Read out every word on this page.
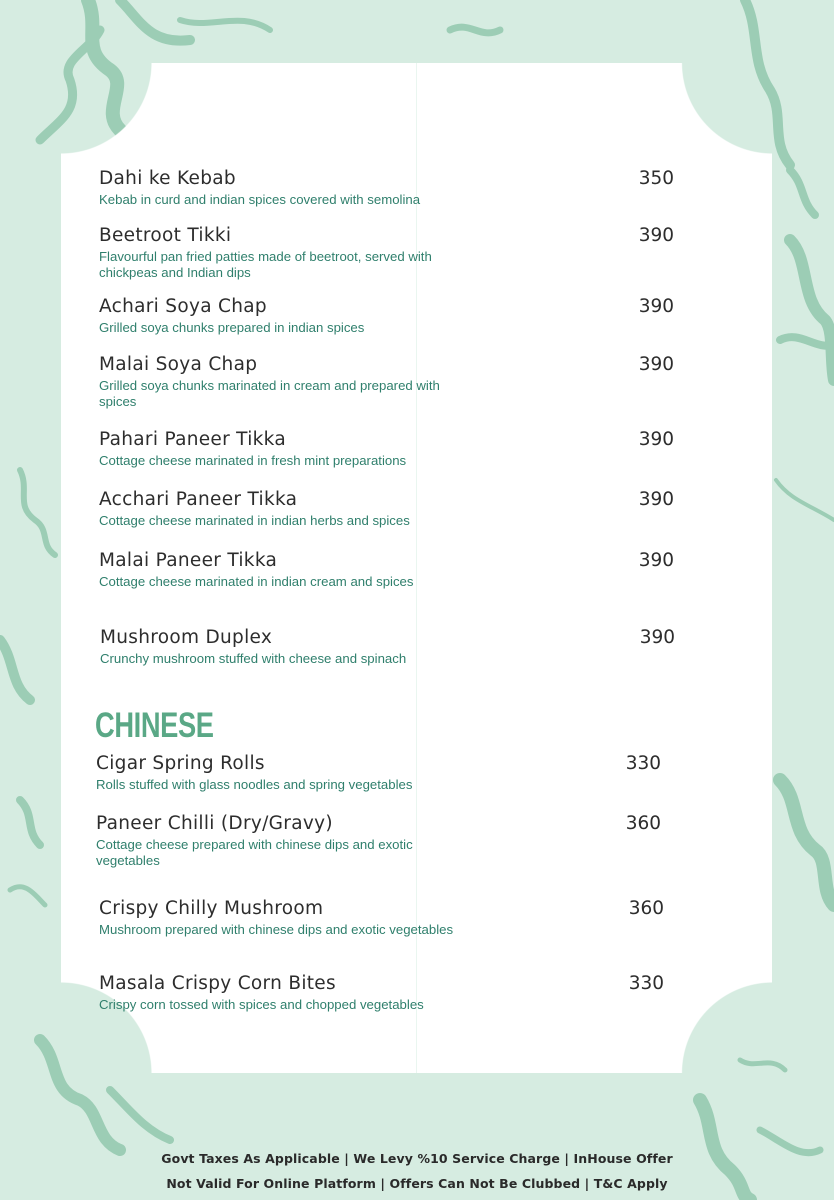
Dahi ke Kebab	350
Kebab in curd and indian spices covered with semolina
Beetroot Tikki	390
Flavourful pan fried patties made of beetroot, served with chickpeas and Indian dips
Achari Soya Chap	390
Grilled soya chunks prepared in indian spices
Malai Soya Chap	390
Grilled soya chunks marinated in cream and prepared with spices
Pahari Paneer Tikka	390
Cottage cheese marinated in fresh mint preparations
Acchari Paneer Tikka	390
Cottage cheese marinated in indian herbs and spices
Malai Paneer Tikka	390
Cottage cheese marinated in indian cream and spices
Mushroom Duplex	390
Crunchy mushroom stuffed with cheese and spinach
CHINESE
Cigar Spring Rolls	330
Rolls stuffed with glass noodles and spring vegetables
Paneer Chilli (Dry/Gravy)	360
Cottage cheese prepared with chinese dips and exotic vegetables
Crispy Chilly Mushroom	360
Mushroom prepared with chinese dips and exotic vegetables
Masala Crispy Corn Bites	330
Crispy corn tossed with spices and chopped vegetables
Govt Taxes As Applicable | We Levy %10 Service Charge | InHouse Offer
Not Valid For Online Platform | Offers Can Not Be Clubbed | T&C Apply
